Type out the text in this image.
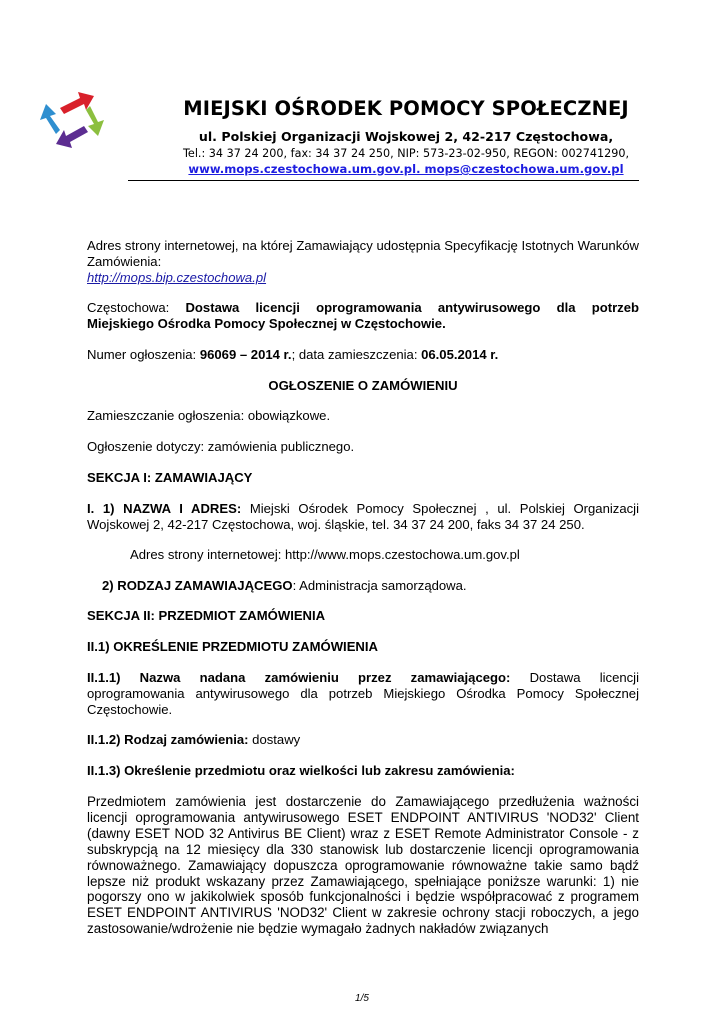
MIEJSKI OŚRODEK POMOCY SPOŁECZNEJ
ul. Polskiej Organizacji Wojskowej 2, 42-217 Częstochowa,
Tel.: 34 37 24 200, fax: 34 37 24 250, NIP: 573-23-02-950, REGON: 002741290,
www.mops.czestochowa.um.gov.pl. mops@czestochowa.um.gov.pl
Adres strony internetowej, na której Zamawiający udostępnia Specyfikację Istotnych Warunków Zamówienia:
http://mops.bip.czestochowa.pl
Częstochowa: Dostawa licencji oprogramowania antywirusowego dla potrzeb
Miejskiego Ośrodka Pomocy Społecznej w Częstochowie.
Numer ogłoszenia: 96069 – 2014 r.; data zamieszczenia: 06.05.2014 r.
OGŁOSZENIE O ZAMÓWIENIU
Zamieszczanie ogłoszenia: obowiązkowe.
Ogłoszenie dotyczy: zamówienia publicznego.
SEKCJA I: ZAMAWIAJĄCY
I. 1) NAZWA I ADRES: Miejski Ośrodek Pomocy Społecznej , ul. Polskiej Organizacji
Wojskowej 2, 42-217 Częstochowa, woj. śląskie, tel. 34 37 24 200, faks 34 37 24 250.
Adres strony internetowej: http://www.mops.czestochowa.um.gov.pl
2) RODZAJ ZAMAWIAJĄCEGO: Administracja samorządowa.
SEKCJA II: PRZEDMIOT ZAMÓWIENIA
II.1) OKREŚLENIE PRZEDMIOTU ZAMÓWIENIA
II.1.1) Nazwa nadana zamówieniu przez zamawiającego: Dostawa licencji
oprogramowania antywirusowego dla potrzeb Miejskiego Ośrodka Pomocy Społecznej Częstochowie.
II.1.2) Rodzaj zamówienia: dostawy
II.1.3) Określenie przedmiotu oraz wielkości lub zakresu zamówienia:
Przedmiotem zamówienia jest dostarczenie do Zamawiającego przedłużenia ważności licencji oprogramowania antywirusowego ESET ENDPOINT ANTIVIRUS 'NOD32' Client (dawny ESET NOD 32 Antivirus BE Client) wraz z ESET Remote Administrator Console - z subskrypcją na 12 miesięcy dla 330 stanowisk lub dostarczenie licencji oprogramowania równoważnego. Zamawiający dopuszcza oprogramowanie równoważne takie samo bądź lepsze niż produkt wskazany przez Zamawiającego, spełniające poniższe warunki: 1) nie pogorszy ono w jakikolwiek sposób funkcjonalności i będzie współpracować z programem ESET ENDPOINT ANTIVIRUS 'NOD32' Client w zakresie ochrony stacji roboczych, a jego zastosowanie/wdrożenie nie będzie wymagało żadnych nakładów związanych
1/5
